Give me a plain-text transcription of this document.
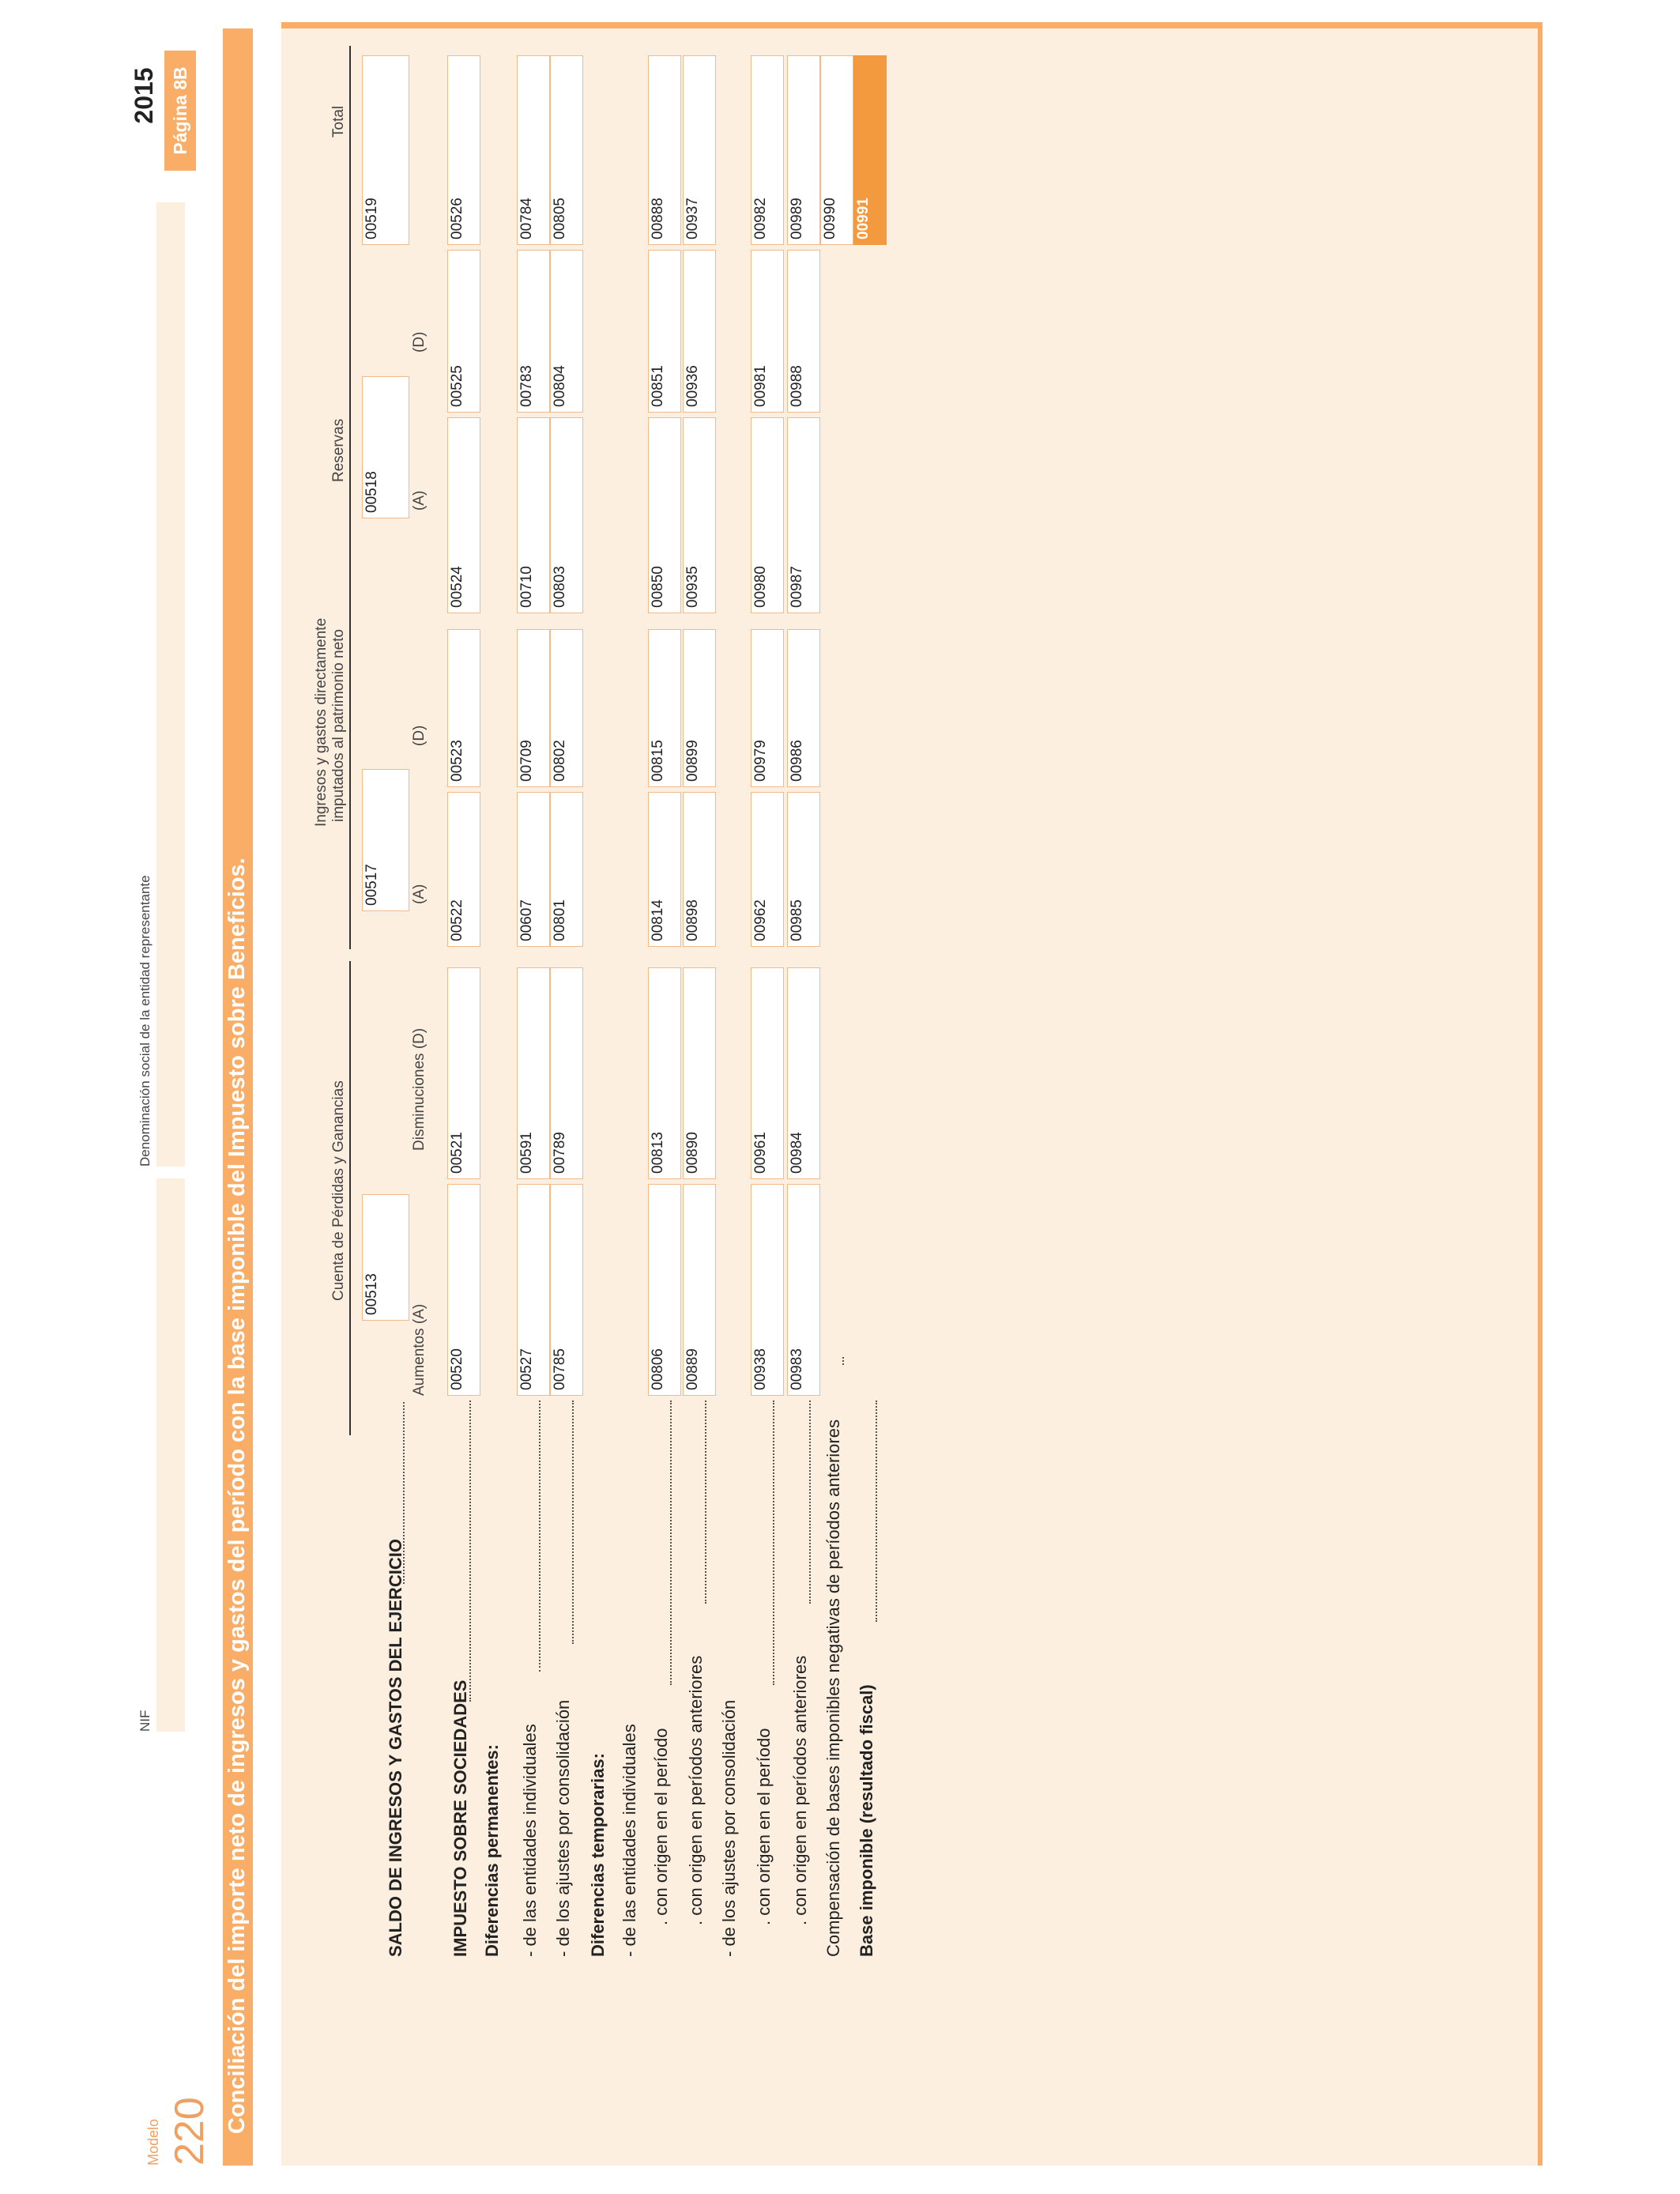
Modelo 220
NIF
Denominación social de la entidad representante
2015 Página 8B
Conciliación del importe neto de ingresos y gastos del período con la base imponible del Impuesto sobre Beneficios.	Cuenta de Pérdidas y Ganancias
Aumentos (A)
Disminuciones (D)
Ingresos y gastos directamente imputados al patrimonio neto
(A)
(D)
Reservas
(A)
(D)
Total
SALDO DE INGRESOS Y GASTOS DEL EJERCICIO
00513
00517
00518
00519
IMPUESTO SOBRE SOCIEDADES
00520
00521
00522
00523
00524
00525
00526
Diferencias permanentes: - de las entidades individuales
00527
00591
00607
00709
00710
00783
00784
- de los ajustes por consolidación
00785
00789
00801
00802
00803
00804
00805
Diferencias temporarias: - de las entidades individuales . con origen en el período
00806
00813
00814
00815
00850
00851
00888
. con origen en períodos anteriores
00889
00890
00898
00899
00935
00936
00937
- de los ajustes por consolidación . con origen en el período
00938
00961
00962
00979
00980
00981
00982
. con origen en períodos anteriores
00983
00984
00985
00986
00987
00988
00989
Compensación de bases imponibles negativas de períodos anteriores
00990
Base imponible (resultado fiscal)
00991
